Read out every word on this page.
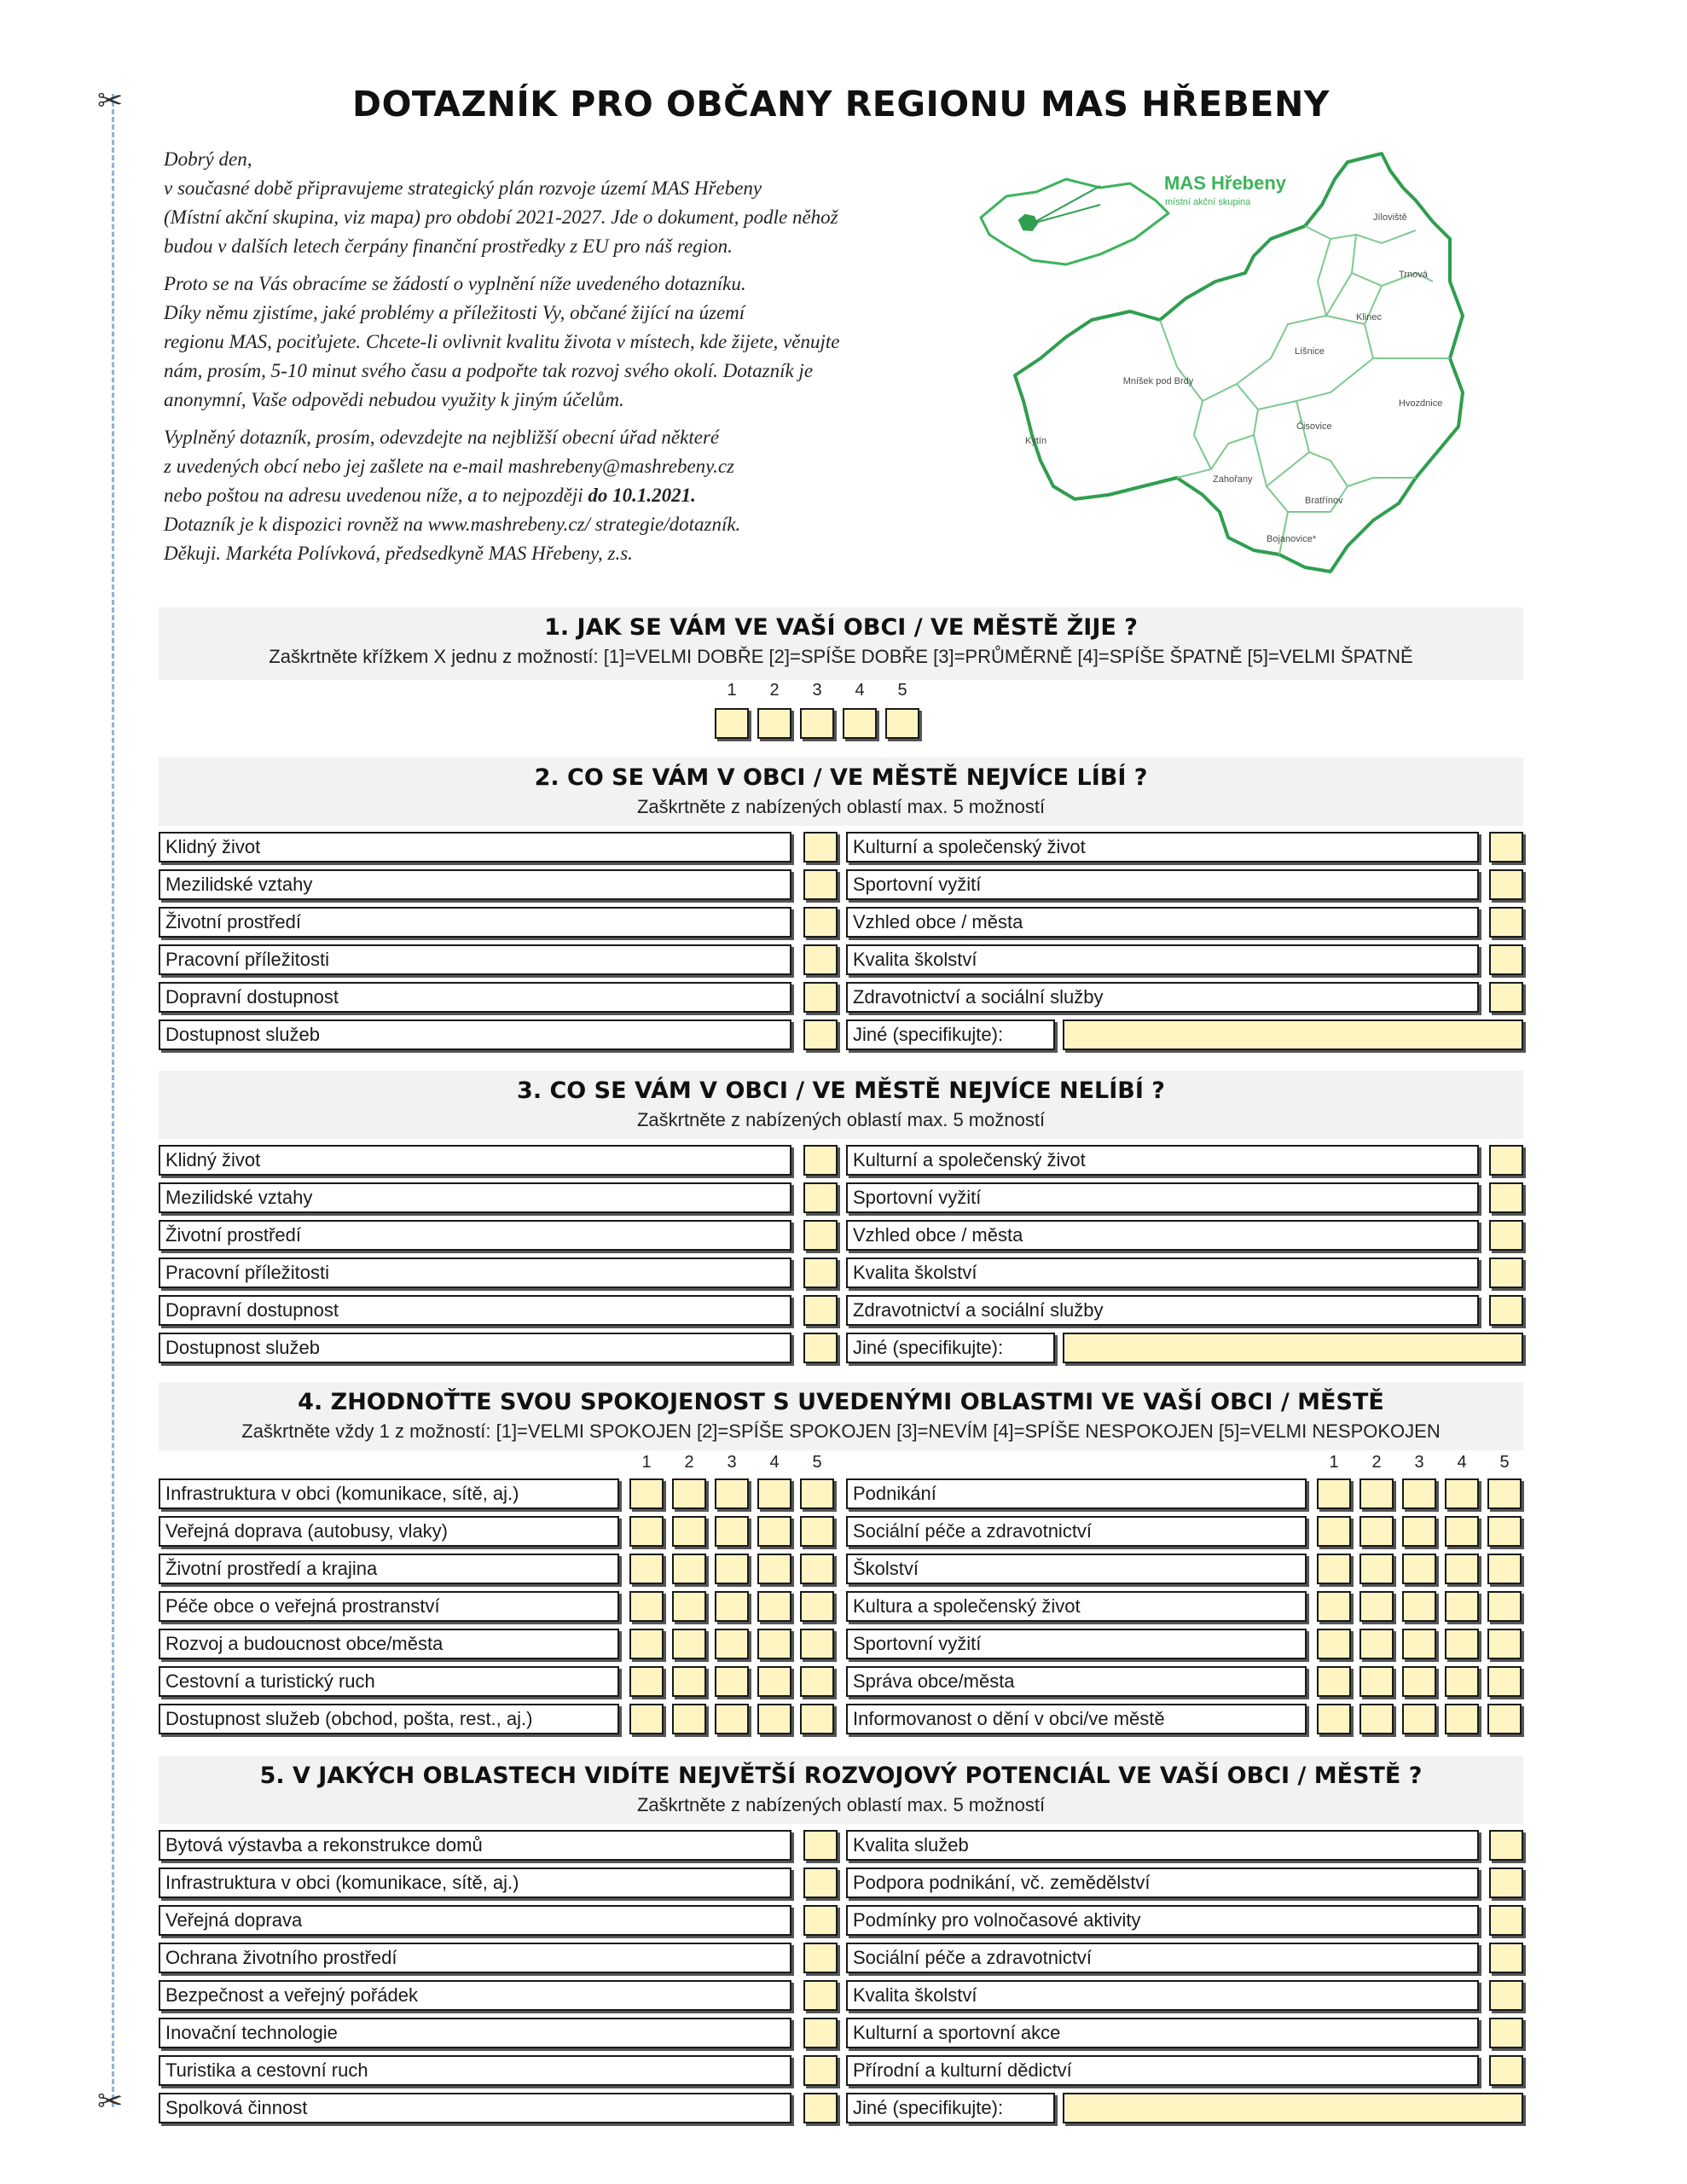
✂
✂
DOTAZNÍK PRO OBČANY REGIONU MAS HŘEBENY

Dobrý den,
v současné době připravujeme strategický plán rozvoje území MAS Hřebeny
(Místní akční skupina, viz mapa) pro období 2021-2027. Jde o dokument, podle něhož
budou v dalších letech čerpány finanční prostředky z EU pro náš region.

Proto se na Vás obracíme se žádostí o vyplnění níže uvedeného dotazníku.
Díky němu zjistíme, jaké problémy a příležitosti Vy, občané žijící na území
regionu MAS, pociťujete. Chcete-li ovlivnit kvalitu života v místech, kde žijete, věnujte
nám, prosím, 5-10 minut svého času a podpořte tak rozvoj svého okolí. Dotazník je
anonymní, Vaše odpovědi nebudou využity k jiným účelům.

Vyplněný dotazník, prosím, odevzdejte na nejbližší obecní úřad některé
z uvedených obcí nebo jej zašlete na e-mail mashrebeny@mashrebeny.cz
nebo poštou na adresu uvedenou níže, a to nejpozději do 10.1.2021.
Dotazník je k dispozici rovněž na www.mashrebeny.cz/ strategie/dotazník.
Děkuji. Markéta Polívková, předsedkyně MAS Hřebeny, z.s.

MAS Hřebeny
místní akční skupina
Jíloviště
Trnová
Klinec
Líšnice
Mníšek pod Brdy
Hvozdnice
Čisovice
Kytín
Zahořany
Bratřínov
Bojanovice*
1. JAK SE VÁM VE VAŠÍ OBCI / VE MĚSTĚ ŽIJE ?
Zaškrtněte křížkem X jednu z možností: [1]=VELMI DOBŘE [2]=SPÍŠE DOBŘE [3]=PRŮMĚRNĚ [4]=SPÍŠE ŠPATNĚ [5]=VELMI ŠPATNĚ
1	2	3	4	5
2. CO SE VÁM V OBCI / VE MĚSTĚ NEJVÍCE LÍBÍ ?
Zaškrtněte z nabízených oblastí max. 5 možností
Klidný život	Kulturní a společenský život
Mezilidské vztahy	Sportovní vyžití
Životní prostředí	Vzhled obce / města
Pracovní příležitosti	Kvalita školství
Dopravní dostupnost	Zdravotnictví a sociální služby
Dostupnost služeb	Jiné (specifikujte):
3. CO SE VÁM V OBCI / VE MĚSTĚ NEJVÍCE NELÍBÍ ?
Zaškrtněte z nabízených oblastí max. 5 možností
Klidný život	Kulturní a společenský život
Mezilidské vztahy	Sportovní vyžití
Životní prostředí	Vzhled obce / města
Pracovní příležitosti	Kvalita školství
Dopravní dostupnost	Zdravotnictví a sociální služby
Dostupnost služeb	Jiné (specifikujte):
4. ZHODNOŤTE SVOU SPOKOJENOST S UVEDENÝMI OBLASTMI VE VAŠÍ OBCI / MĚSTĚ
Zaškrtněte vždy 1 z možností: [1]=VELMI SPOKOJEN [2]=SPÍŠE SPOKOJEN [3]=NEVÍM [4]=SPÍŠE NESPOKOJEN [5]=VELMI NESPOKOJEN
1	2	3	4	5	1	2	3	4	5
Infrastruktura v obci (komunikace, sítě, aj.)	Podnikání
Veřejná doprava (autobusy, vlaky)	Sociální péče a zdravotnictví
Životní prostředí a krajina	Školství
Péče obce o veřejná prostranství	Kultura a společenský život
Rozvoj a budoucnost obce/města	Sportovní vyžití
Cestovní a turistický ruch	Správa obce/města
Dostupnost služeb (obchod, pošta, rest., aj.)	Informovanost o dění v obci/ve městě
5. V JAKÝCH OBLASTECH VIDÍTE NEJVĚTŠÍ ROZVOJOVÝ POTENCIÁL VE VAŠÍ OBCI / MĚSTĚ ?
Zaškrtněte z nabízených oblastí max. 5 možností
Bytová výstavba a rekonstrukce domů	Kvalita služeb
Infrastruktura v obci (komunikace, sítě, aj.)	Podpora podnikání, vč. zemědělství
Veřejná doprava	Podmínky pro volnočasové aktivity
Ochrana životního prostředí	Sociální péče a zdravotnictví
Bezpečnost a veřejný pořádek	Kvalita školství
Inovační technologie	Kulturní a sportovní akce
Turistika a cestovní ruch	Přírodní a kulturní dědictví
Spolková činnost	Jiné (specifikujte):
